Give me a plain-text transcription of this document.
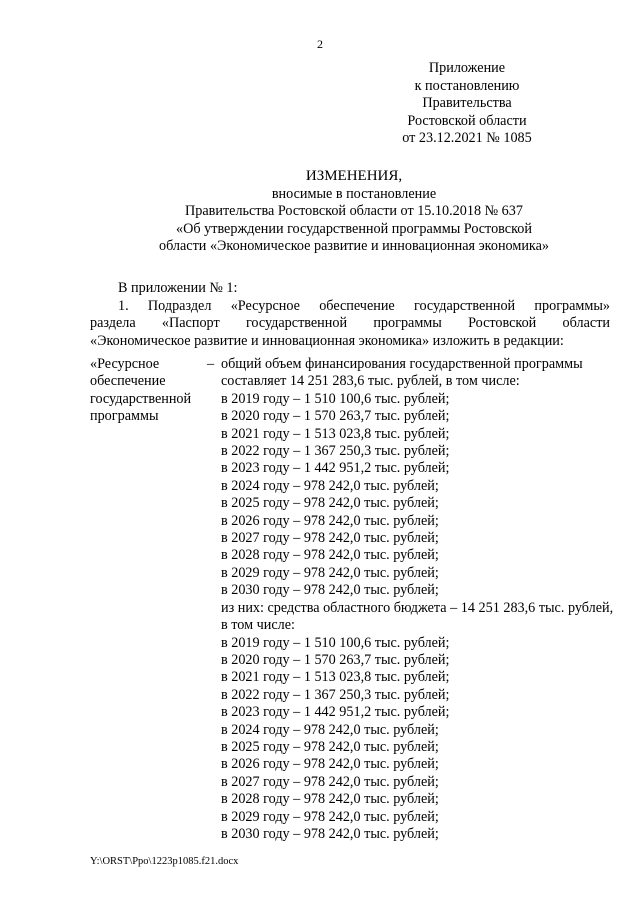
2
Приложение
к постановлению
Правительства
Ростовской области
от 23.12.2021 № 1085
ИЗМЕНЕНИЯ,
вносимые в постановление
Правительства Ростовской области от 15.10.2018 № 637
«Об утверждении государственной программы Ростовской
области «Экономическое развитие и инновационная экономика»

В приложении № 1:

1. Подраздел «Ресурсное обеспечение государственной программы»

раздела «Паспорт государственной программы Ростовской области

«Экономическое развитие и инновационная экономика» изложить в редакции:

«Ресурсное
обеспечение
государственной
программы
– общий объем финансирования государственной программы
составляет 14 251 283,6 тыс. рублей, в том числе:
в 2019 году – 1 510 100,6 тыс. рублей;
в 2020 году – 1 570 263,7 тыс. рублей;
в 2021 году – 1 513 023,8 тыс. рублей;
в 2022 году – 1 367 250,3 тыс. рублей;
в 2023 году – 1 442 951,2 тыс. рублей;
в 2024 году – 978 242,0 тыс. рублей;
в 2025 году – 978 242,0 тыс. рублей;
в 2026 году – 978 242,0 тыс. рублей;
в 2027 году – 978 242,0 тыс. рублей;
в 2028 году – 978 242,0 тыс. рублей;
в 2029 году – 978 242,0 тыс. рублей;
в 2030 году – 978 242,0 тыс. рублей;
из них: средства областного бюджета – 14 251 283,6 тыс. рублей,
в том числе:
в 2019 году – 1 510 100,6 тыс. рублей;
в 2020 году – 1 570 263,7 тыс. рублей;
в 2021 году – 1 513 023,8 тыс. рублей;
в 2022 году – 1 367 250,3 тыс. рублей;
в 2023 году – 1 442 951,2 тыс. рублей;
в 2024 году – 978 242,0 тыс. рублей;
в 2025 году – 978 242,0 тыс. рублей;
в 2026 году – 978 242,0 тыс. рублей;
в 2027 году – 978 242,0 тыс. рублей;
в 2028 году – 978 242,0 тыс. рублей;
в 2029 году – 978 242,0 тыс. рублей;
в 2030 году – 978 242,0 тыс. рублей;
Y:\ORST\Ppo\1223p1085.f21.docx
